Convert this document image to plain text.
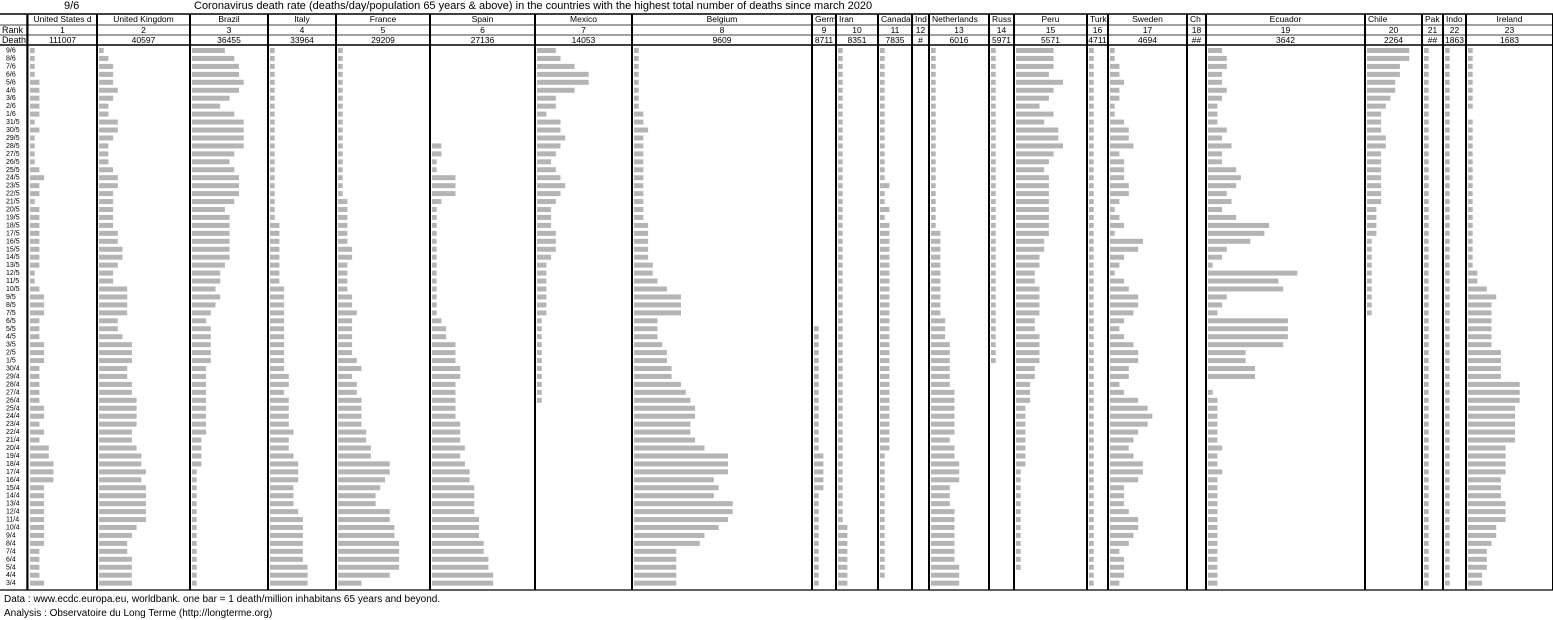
9/6	Coronavirus death rate (deaths/day/population 65 years & above) in the countries with the highest total number of deaths since march 2020
Rank
Death
9/6
8/6
7/6
6/6
5/6
4/6
3/6
2/6
1/6
31/5
30/5
29/5
28/5
27/5
26/5
25/5
24/5
23/5
22/5
21/5
20/5
19/5
18/5
17/5
16/5
15/5
14/5
13/5
12/5
11/5
10/5
9/5
8/5
7/5
6/5
5/5
4/5
3/5
2/5
1/5
30/4
29/4
28/4
27/4
26/4
25/4
24/4
23/4
22/4
21/4
20/4
19/4
18/4
17/4
16/4
15/4
14/4
13/4
12/4
11/4
10/4
9/4
8/4
7/4
6/4
5/4
4/4
3/4
United States d
1
111007
United Kingdom
2
40597
Brazil
3
36455
Italy
4
33964
France
5
29209
Spain
6
27136
Mexico
7
14053
Belgium
8
9609
Germ
9
8711
Iran
10
8351
Canada
11
7835
Ind
12
#
Netherlands
13
6016
Russ
14
5971
Peru
15
5571
Turk
16
4711
Sweden
17
4694
Ch
18
##
Ecuador
19
3642
Chile
20
2264
Pak
21
##
Indo
22
1863
Ireland
23
1683
Data : www.ecdc.europa.eu, worldbank. one bar = 1 death/million inhabitans 65 years and beyond.
Analysis : Observatoire du Long Terme (http://longterme.org)
